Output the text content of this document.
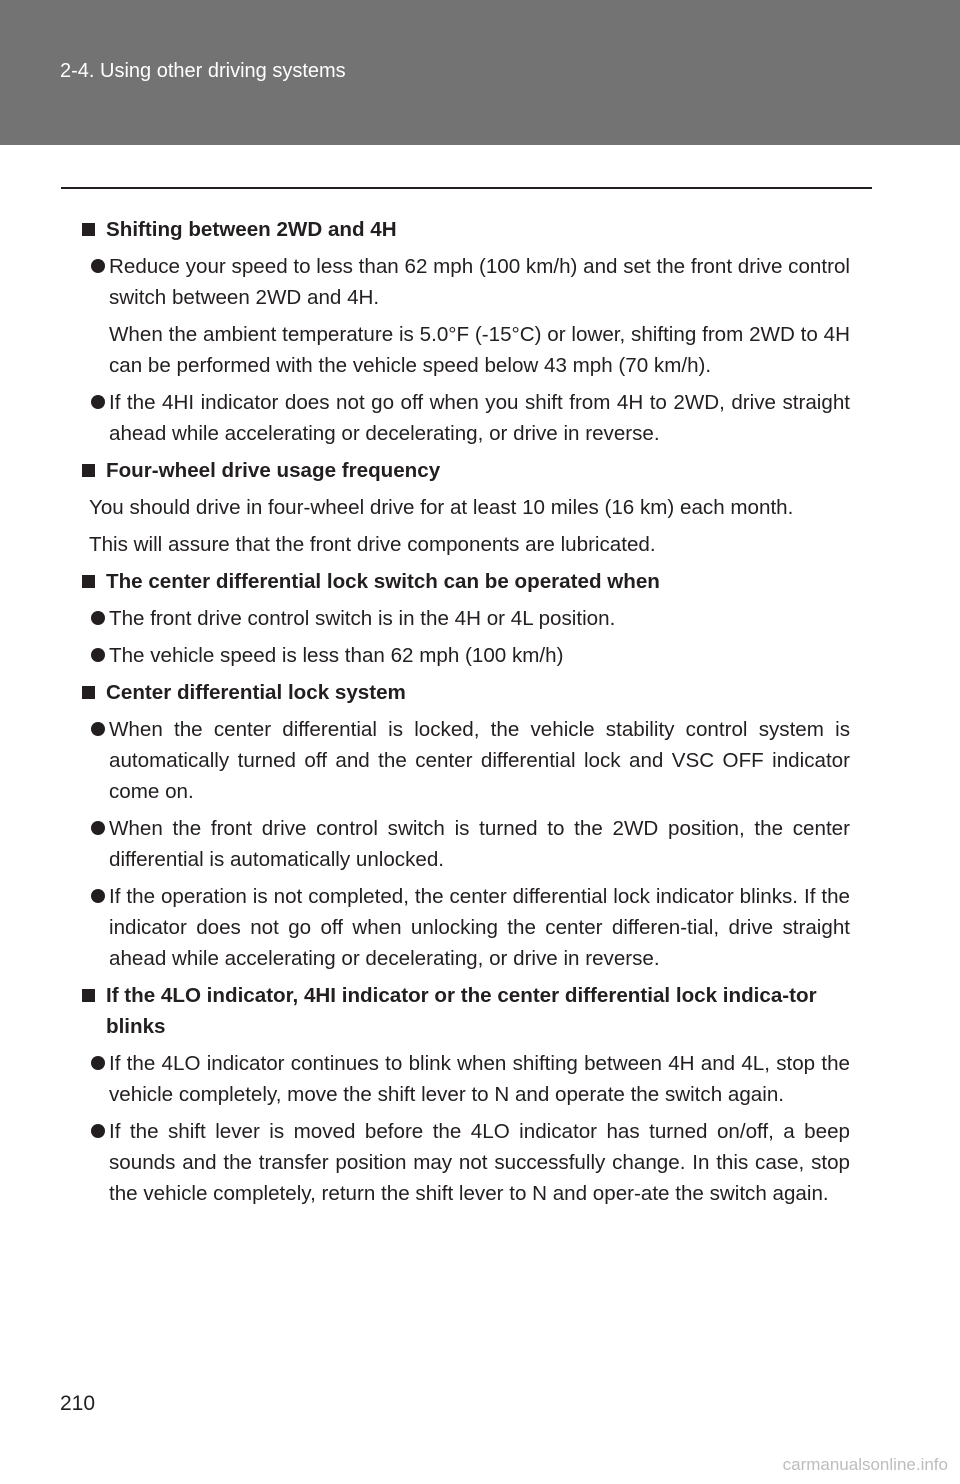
2-4. Using other driving systems
Shifting between 2WD and 4H
Reduce your speed to less than 62 mph (100 km/h) and set the front drive control switch between 2WD and 4H.
When the ambient temperature is 5.0°F (-15°C) or lower, shifting from 2WD to 4H can be performed with the vehicle speed below 43 mph (70 km/h).
If the 4HI indicator does not go off when you shift from 4H to 2WD, drive straight ahead while accelerating or decelerating, or drive in reverse.
Four-wheel drive usage frequency
You should drive in four-wheel drive for at least 10 miles (16 km) each month.
This will assure that the front drive components are lubricated.
The center differential lock switch can be operated when
The front drive control switch is in the 4H or 4L position.
The vehicle speed is less than 62 mph (100 km/h)
Center differential lock system
When the center differential is locked, the vehicle stability control system is automatically turned off and the center differential lock and VSC OFF indicator come on.
When the front drive control switch is turned to the 2WD position, the center differential is automatically unlocked.
If the operation is not completed, the center differential lock indicator blinks. If the indicator does not go off when unlocking the center differen-tial, drive straight ahead while accelerating or decelerating, or drive in reverse.
If the 4LO indicator, 4HI indicator or the center differential lock indica-tor blinks
If the 4LO indicator continues to blink when shifting between 4H and 4L, stop the vehicle completely, move the shift lever to N and operate the switch again.
If the shift lever is moved before the 4LO indicator has turned on/off, a beep sounds and the transfer position may not successfully change. In this case, stop the vehicle completely, return the shift lever to N and oper-ate the switch again.
210
carmanualsonline.info
